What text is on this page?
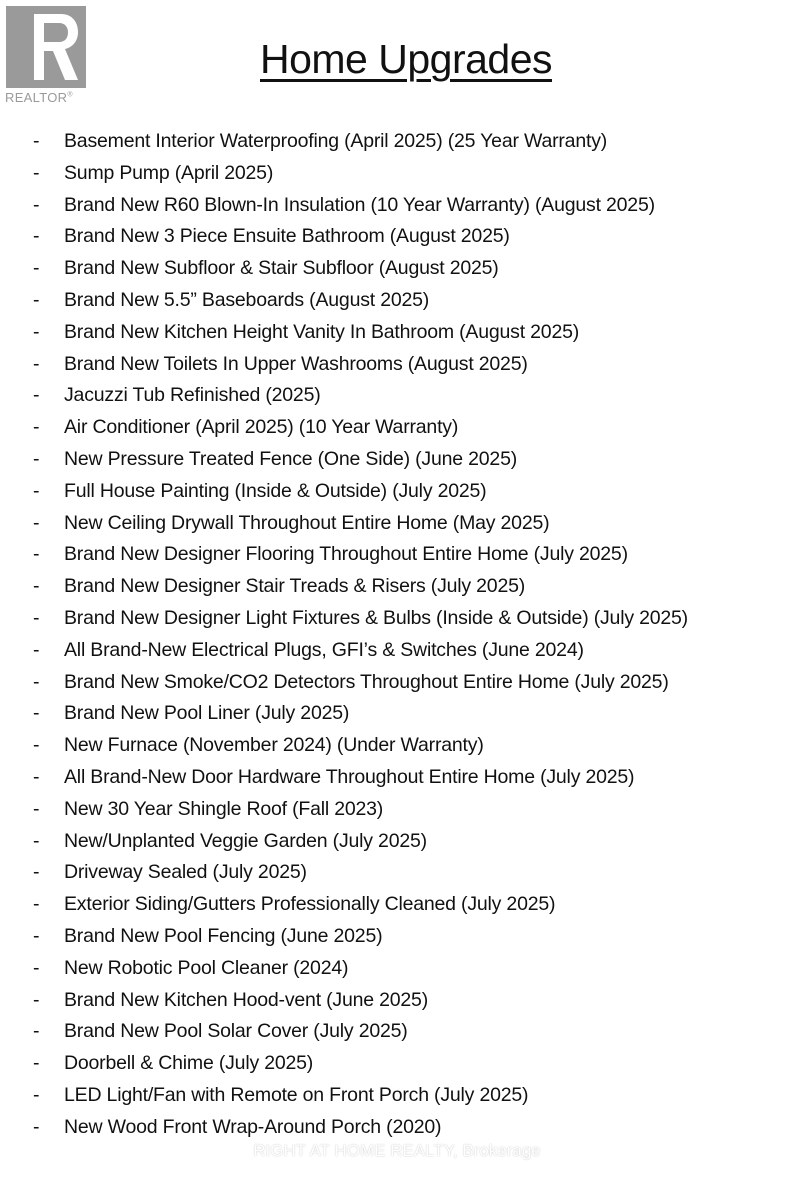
REALTOR®
Home Upgrades
- Basement Interior Waterproofing (April 2025) (25 Year Warranty)
- Sump Pump (April 2025)
- Brand New R60 Blown-In Insulation (10 Year Warranty) (August 2025)
- Brand New 3 Piece Ensuite Bathroom (August 2025)
- Brand New Subfloor & Stair Subfloor (August 2025)
- Brand New 5.5” Baseboards (August 2025)
- Brand New Kitchen Height Vanity In Bathroom (August 2025)
- Brand New Toilets In Upper Washrooms (August 2025)
- Jacuzzi Tub Refinished (2025)
- Air Conditioner (April 2025) (10 Year Warranty)
- New Pressure Treated Fence (One Side) (June 2025)
- Full House Painting (Inside & Outside) (July 2025)
- New Ceiling Drywall Throughout Entire Home (May 2025)
- Brand New Designer Flooring Throughout Entire Home (July 2025)
- Brand New Designer Stair Treads & Risers (July 2025)
- Brand New Designer Light Fixtures & Bulbs (Inside & Outside) (July 2025)
- All Brand-New Electrical Plugs, GFI’s & Switches (June 2024)
- Brand New Smoke/CO2 Detectors Throughout Entire Home (July 2025)
- Brand New Pool Liner (July 2025)
- New Furnace (November 2024) (Under Warranty)
- All Brand-New Door Hardware Throughout Entire Home (July 2025)
- New 30 Year Shingle Roof (Fall 2023)
- New/Unplanted Veggie Garden (July 2025)
- Driveway Sealed (July 2025)
- Exterior Siding/Gutters Professionally Cleaned (July 2025)
- Brand New Pool Fencing (June 2025)
- New Robotic Pool Cleaner (2024)
- Brand New Kitchen Hood-vent (June 2025)
- Brand New Pool Solar Cover (July 2025)
- Doorbell & Chime (July 2025)
- LED Light/Fan with Remote on Front Porch (July 2025)
- New Wood Front Wrap-Around Porch (2020)
RIGHT AT HOME REALTY, Brokerage
